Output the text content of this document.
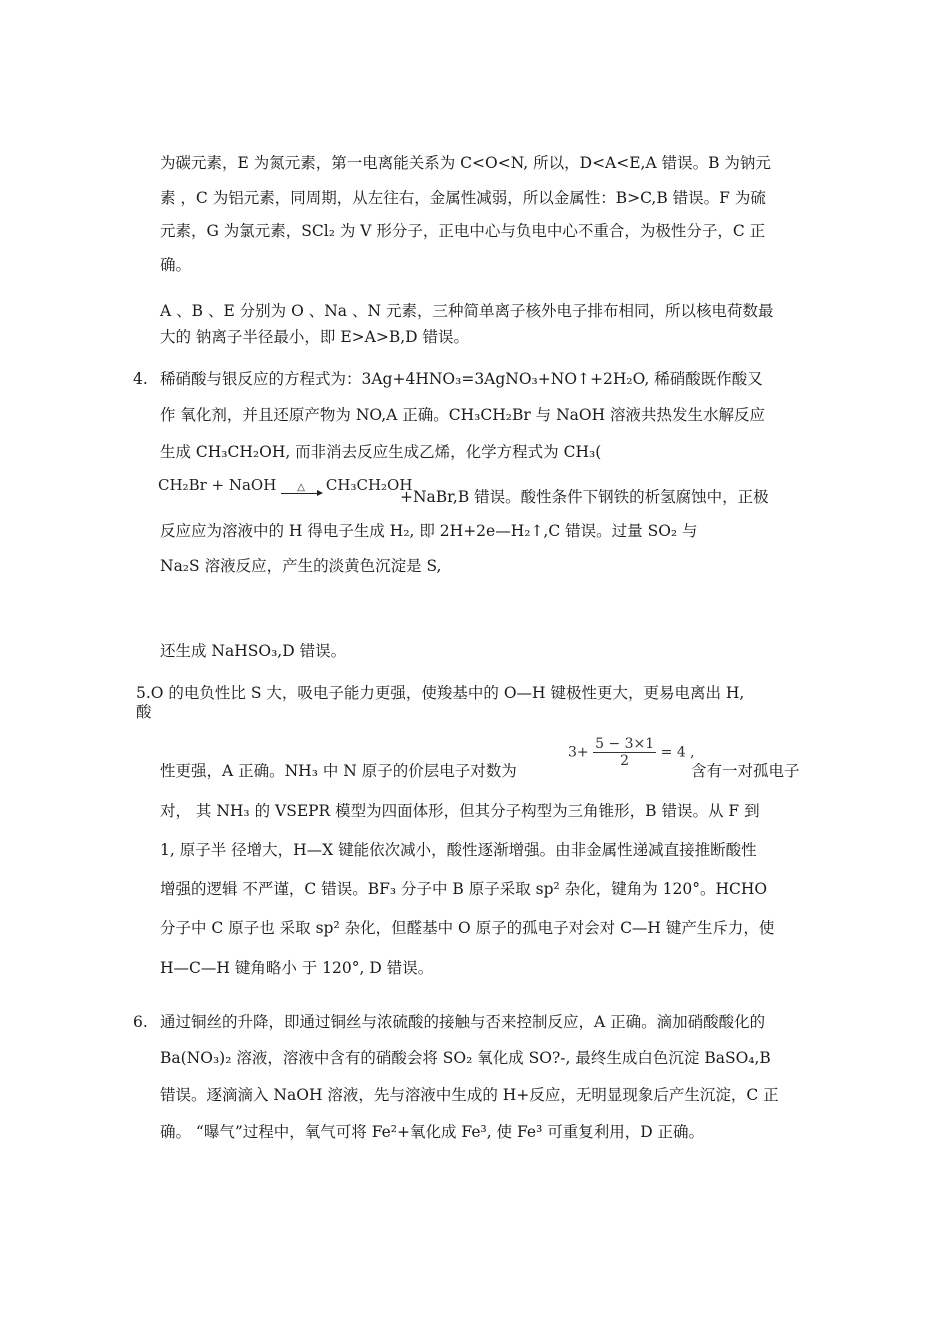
为碳元素，E 为氮元素，第一电离能关系为 C<O<N, 所以，D<A<E,A 错误。B 为钠元
素 ，C 为铝元素，同周期，从左往右，金属性减弱，所以金属性：B>C,B 错误。F 为硫
元素，G 为氯元素，SCl₂ 为 V 形分子，正电中心与负电中心不重合，为极性分子，C 正
确。
A 、B 、E 分别为 O 、Na 、N 元素，三种简单离子核外电子排布相同，所以核电荷数最
大的 钠离子半径最小，即 E>A>B,D 错误。
4. 稀硝酸与银反应的方程式为：3Ag+4HNO₃=3AgNO₃+NO↑+2H₂O, 稀硝酸既作酸又
作 氧化剂，并且还原产物为 NO,A 正确。CH₃CH₂Br 与 NaOH 溶液共热发生水解反应
生成 CH₃CH₂OH, 而非消去反应生成乙烯，化学方程式为 CH₃(
CH₂Br + NaOH	△	CH₃CH₂OH
+NaBr,B 错误。酸性条件下钢铁的析氢腐蚀中，正极
反应应为溶液中的 H 得电子生成 H₂, 即 2H+2e—H₂↑,C 错误。过量 SO₂ 与
Na₂S 溶液反应，产生的淡黄色沉淀是 S,
还生成 NaHSO₃,D 错误。
5.O 的电负性比 S 大，吸电子能力更强，使羧基中的 O—H 键极性更大，更易电离出 H,
酸
性更强，A 正确。NH₃ 中 N 原子的价层电子对数为
$3+ \frac{5 - 3\times 1}{2} = 4$ ,
含有一对孤电子
对， 其 NH₃ 的 VSEPR 模型为四面体形，但其分子构型为三角锥形，B 错误。从 F 到
1, 原子半 径增大，H—X 键能依次减小，酸性逐渐增强。由非金属性递减直接推断酸性
增强的逻辑 不严谨，C 错误。BF₃ 分子中 B 原子采取 sp² 杂化，键角为 120°。HCHO
分子中 C 原子也 采取 sp² 杂化，但醛基中 O 原子的孤电子对会对 C—H 键产生斥力，使
H—C—H 键角略小 于 120°, D 错误。
6. 通过铜丝的升降，即通过铜丝与浓硫酸的接触与否来控制反应，A 正确。滴加硝酸酸化的
Ba(NO₃)₂ 溶液，溶液中含有的硝酸会将 SO₂ 氧化成 SO?-, 最终生成白色沉淀 BaSO₄,B
错误。逐滴滴入 NaOH 溶液，先与溶液中生成的 H+反应，无明显现象后产生沉淀，C 正
确。 “曝气”过程中，氧气可将 Fe²+氧化成 Fe³, 使 Fe³ 可重复利用，D 正确。
